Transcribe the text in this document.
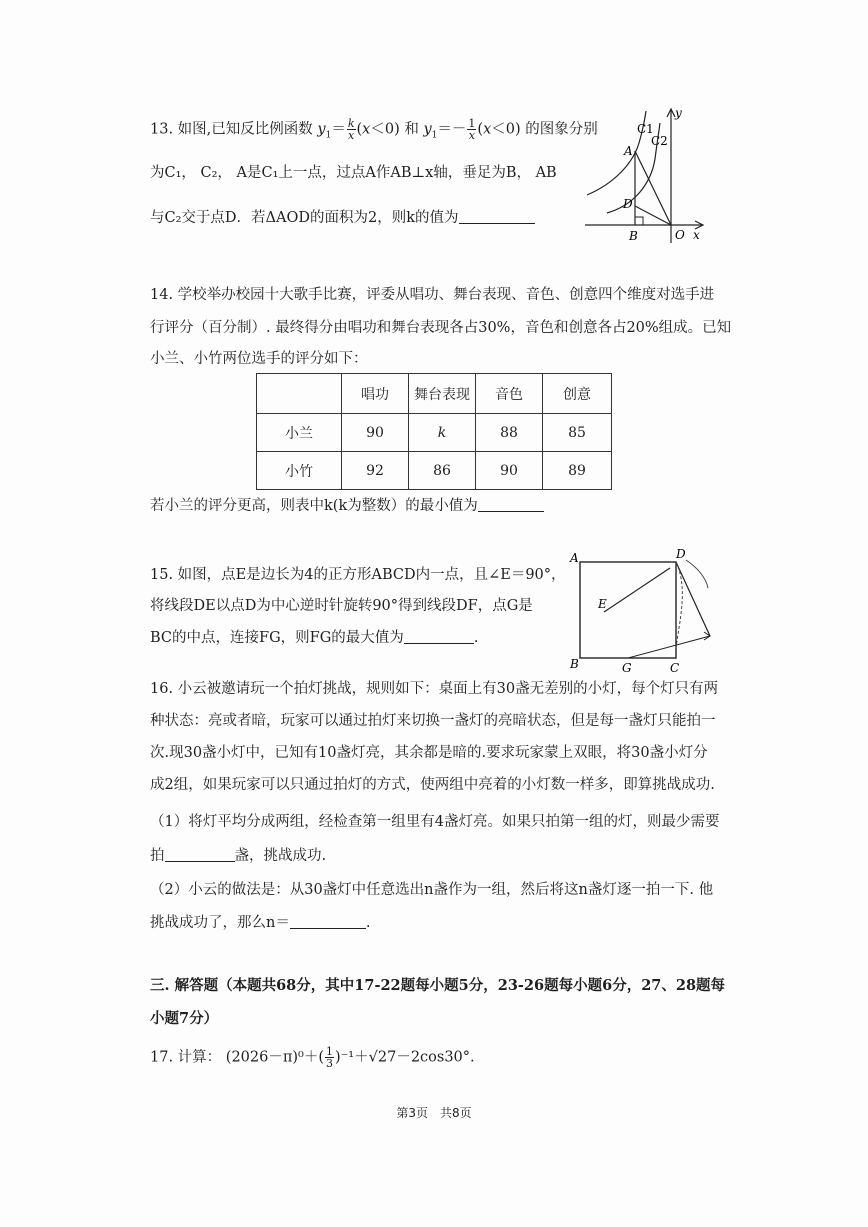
13. 如图,已知反比例函数 $y_1= \frac{k}{x} (x<0)$ 和 $y_1=- \frac{1}{x} (x<0)$ 的图象分别
为C₁， C₂， A是C₁上一点，过点A作AB⊥x轴，垂足为B， AB
与C₂交于点D．若ΔAOD的面积为2，则k的值为
C1
C2
A
D
B	O x
y
14. 学校举办校园十大歌手比赛，评委从唱功、舞台表现、音色、创意四个维度对选手进
行评分（百分制）. 最终得分由唱功和舞台表现各占30%，音色和创意各占20%组成。已知
小兰、小竹两位选手的评分如下：
	唱功	舞台表现	音色	创意
小兰	90	k	88	85
小竹	92	86	90	89
若小兰的评分更高，则表中k(k为整数）的最小值为
15. 如图，点E是边长为4的正方形ABCD内一点，且∠E＝90°，
将线段DE以点D为中心逆时针旋转90°得到线段DF，点G是
BC的中点，连接FG，则FG的最大值为	.
A	D
E
B	G	C
16. 小云被邀请玩一个拍灯挑战，规则如下：桌面上有30盏无差别的小灯，每个灯只有两
种状态：亮或者暗，玩家可以通过拍灯来切换一盏灯的亮暗状态，但是每一盏灯只能拍一
次.现30盏小灯中，已知有10盏灯亮，其余都是暗的.要求玩家蒙上双眼，将30盏小灯分
成2组，如果玩家可以只通过拍灯的方式，使两组中亮着的小灯数一样多，即算挑战成功.
（1）将灯平均分成两组，经检查第一组里有4盏灯亮。如果只拍第一组的灯，则最少需要
拍	盏，挑战成功.
（2）小云的做法是：从30盏灯中任意选出n盏作为一组，然后将这n盏灯逐一拍一下. 他
挑战成功了，那么n＝	.
三. 解答题（本题共68分，其中17-22题每小题5分，23-26题每小题6分，27、28题每
小题7分）
17. 计算： $(2026-\pi)^0+( \frac{1}{3} )^{-1}+√27-2\cos 30^\circ$.
第3页　共8页
